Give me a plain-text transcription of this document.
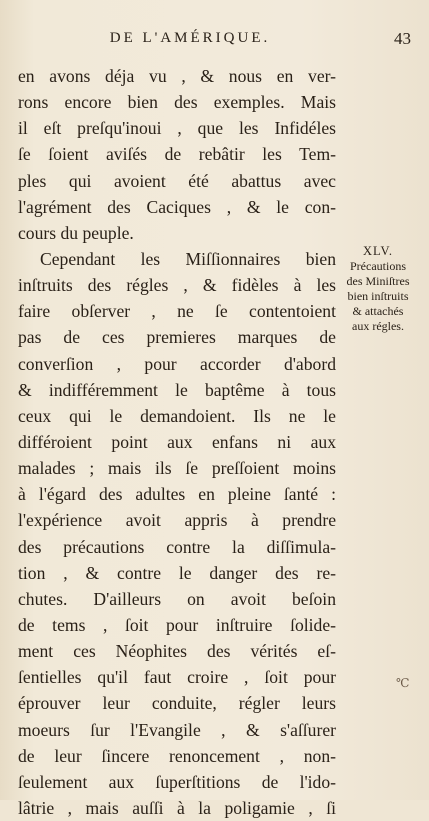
DE L'AMÉRIQUE.	43
en avons déja vu , & nous en ver-
rons encore bien des exemples. Mais
il eſt preſqu'inoui , que les Infidéles
ſe ſoient aviſés de rebâtir les Tem-
ples qui avoient été abattus avec
l'agrément des Caciques , & le con-
cours du peuple.
Cependant les Miſſionnaires bien
inſtruits des régles , & fidèles à les
faire obſerver , ne ſe contentoient
pas de ces premieres marques de
converſion , pour accorder d'abord
& indifféremment le baptême à tous
ceux qui le demandoient. Ils ne le
différoient point aux enfans ni aux
malades ; mais ils ſe preſſoient moins
à l'égard des adultes en pleine ſanté :
l'expérience avoit appris à prendre
des précautions contre la diſſimula-
tion , & contre le danger des re-
chutes. D'ailleurs on avoit beſoin
de tems , ſoit pour inſtruire ſolide-
ment ces Néophites des vérités eſ-
ſentielles qu'il faut croire , ſoit pour
éprouver leur conduite, régler leurs
moeurs ſur l'Evangile , & s'aſſurer
de leur ſincere renoncement , non-
ſeulement aux ſuperſtitions de l'ido-
lâtrie , mais auſſi à la poligamie , ſi
XLV.
Précautions
des Miniſtres
bien inſtruits
& attachés
aux régles.
℃
